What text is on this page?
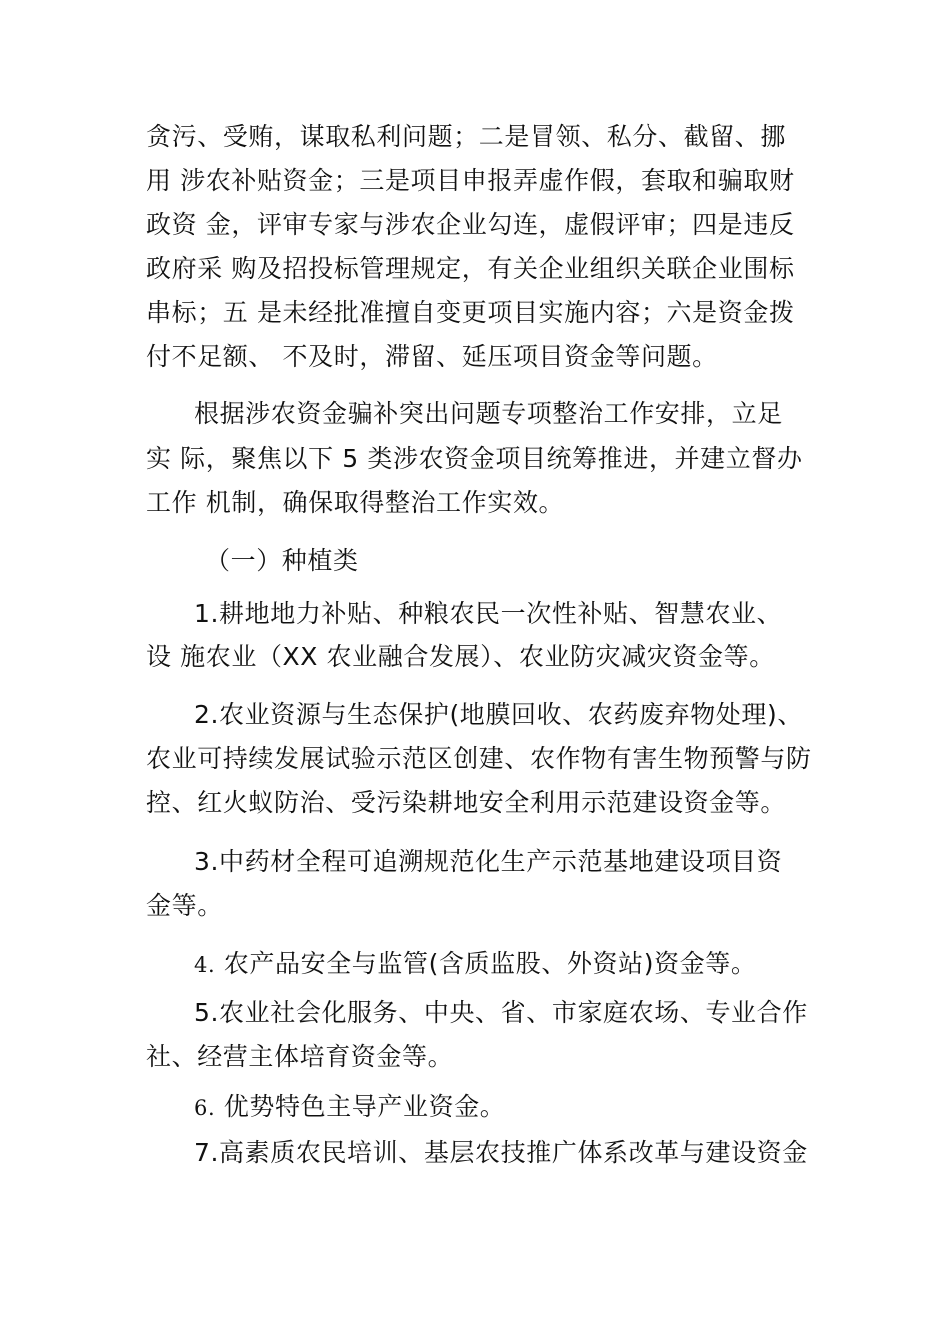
贪污、受贿，谋取私利问题；二是冒领、私分、截留、挪
用 涉农补贴资金；三是项目申报弄虚作假，套取和骗取财
政资 金，评审专家与涉农企业勾连，虚假评审；四是违反
政府采 购及招投标管理规定，有关企业组织关联企业围标
串标；五 是未经批准擅自变更项目实施内容；六是资金拨
付不足额、 不及时，滞留、延压项目资金等问题。
根据涉农资金骗补突出问题专项整治工作安排，立足
实 际，聚焦以下 5 类涉农资金项目统筹推进，并建立督办
工作 机制，确保取得整治工作实效。
（一）种植类
1.耕地地力补贴、种粮农民一次性补贴、智慧农业、
设 施农业（XX 农业融合发展）、农业防灾减灾资金等。
2.农业资源与生态保护(地膜回收、农药废弃物处理)、
农业可持续发展试验示范区创建、农作物有害生物预警与防
控、红火蚁防治、受污染耕地安全利用示范建设资金等。
3.中药材全程可追溯规范化生产示范基地建设项目资
金等。
4. 农产品安全与监管(含质监股、外资站)资金等。
5.农业社会化服务、中央、省、市家庭农场、专业合作
社、经营主体培育资金等。
6. 优势特色主导产业资金。
7.高素质农民培训、基层农技推广体系改革与建设资金
